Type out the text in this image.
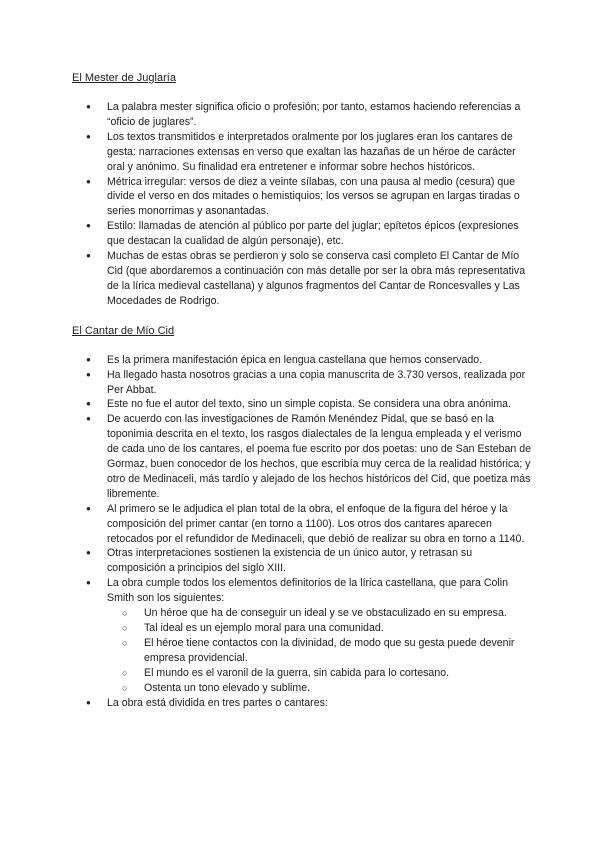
El Mester de Juglaría
● La palabra mester significa oficio o profesión; por tanto, estamos haciendo referencias a “oficio de juglares”.
● Los textos transmitidos e interpretados oralmente por los juglares eran los cantares de gesta: narraciones extensas en verso que exaltan las hazañas de un héroe de carácter oral y anónimo. Su finalidad era entretener e informar sobre hechos históricos.
● Métrica irregular: versos de diez a veinte sílabas, con una pausa al medio (cesura) que divide el verso en dos mitades o hemistiquios; los versos se agrupan en largas tiradas o series monorrimas y asonantadas.
● Estilo: llamadas de atención al público por parte del juglar; epítetos épicos (expresiones que destacan la cualidad de algún personaje), etc.
● Muchas de estas obras se perdieron y solo se conserva casi completo El Cantar de Mío Cid (que abordaremos a continuación con más detalle por ser la obra más representativa de la lírica medieval castellana) y algunos fragmentos del Cantar de Roncesvalles y Las Mocedades de Rodrigo.
El Cantar de Mío Cid
● Es la primera manifestación épica en lengua castellana que hemos conservado.
● Ha llegado hasta nosotros gracias a una copia manuscrita de 3.730 versos, realizada por Per Abbat.
● Este no fue el autor del texto, sino un simple copista. Se considera una obra anónima.
● De acuerdo con las investigaciones de Ramón Menéndez Pidal, que se basó en la toponimia descrita en el texto, los rasgos dialectales de la lengua empleada y el verismo de cada uno de los cantares, el poema fue escrito por dos poetas: uno de San Esteban de Gormaz, buen conocedor de los hechos, que escribía muy cerca de la realidad histórica; y otro de Medinaceli, más tardío y alejado de los hechos históricos del Cid, que poetiza más libremente.
● Al primero se le adjudica el plan total de la obra, el enfoque de la figura del héroe y la composición del primer cantar (en torno a 1100). Los otros dos cantares aparecen retocados por el refundidor de Medinaceli, que debió de realizar su obra en torno a 1140.
● Otras interpretaciones sostienen la existencia de un único autor, y retrasan su composición a principios del siglo XIII.
● La obra cumple todos los elementos definitorios de la lírica castellana, que para Colin Smith son los siguientes:
○ Un héroe que ha de conseguir un ideal y se ve obstaculizado en su empresa.
○ Tal ideal es un ejemplo moral para una comunidad.
○ El héroe tiene contactos con la divinidad, de modo que su gesta puede devenir empresa providencial.
○ El mundo es el varonil de la guerra, sin cabida para lo cortesano.
○ Ostenta un tono elevado y sublime.
● La obra está dividida en tres partes o cantares:
